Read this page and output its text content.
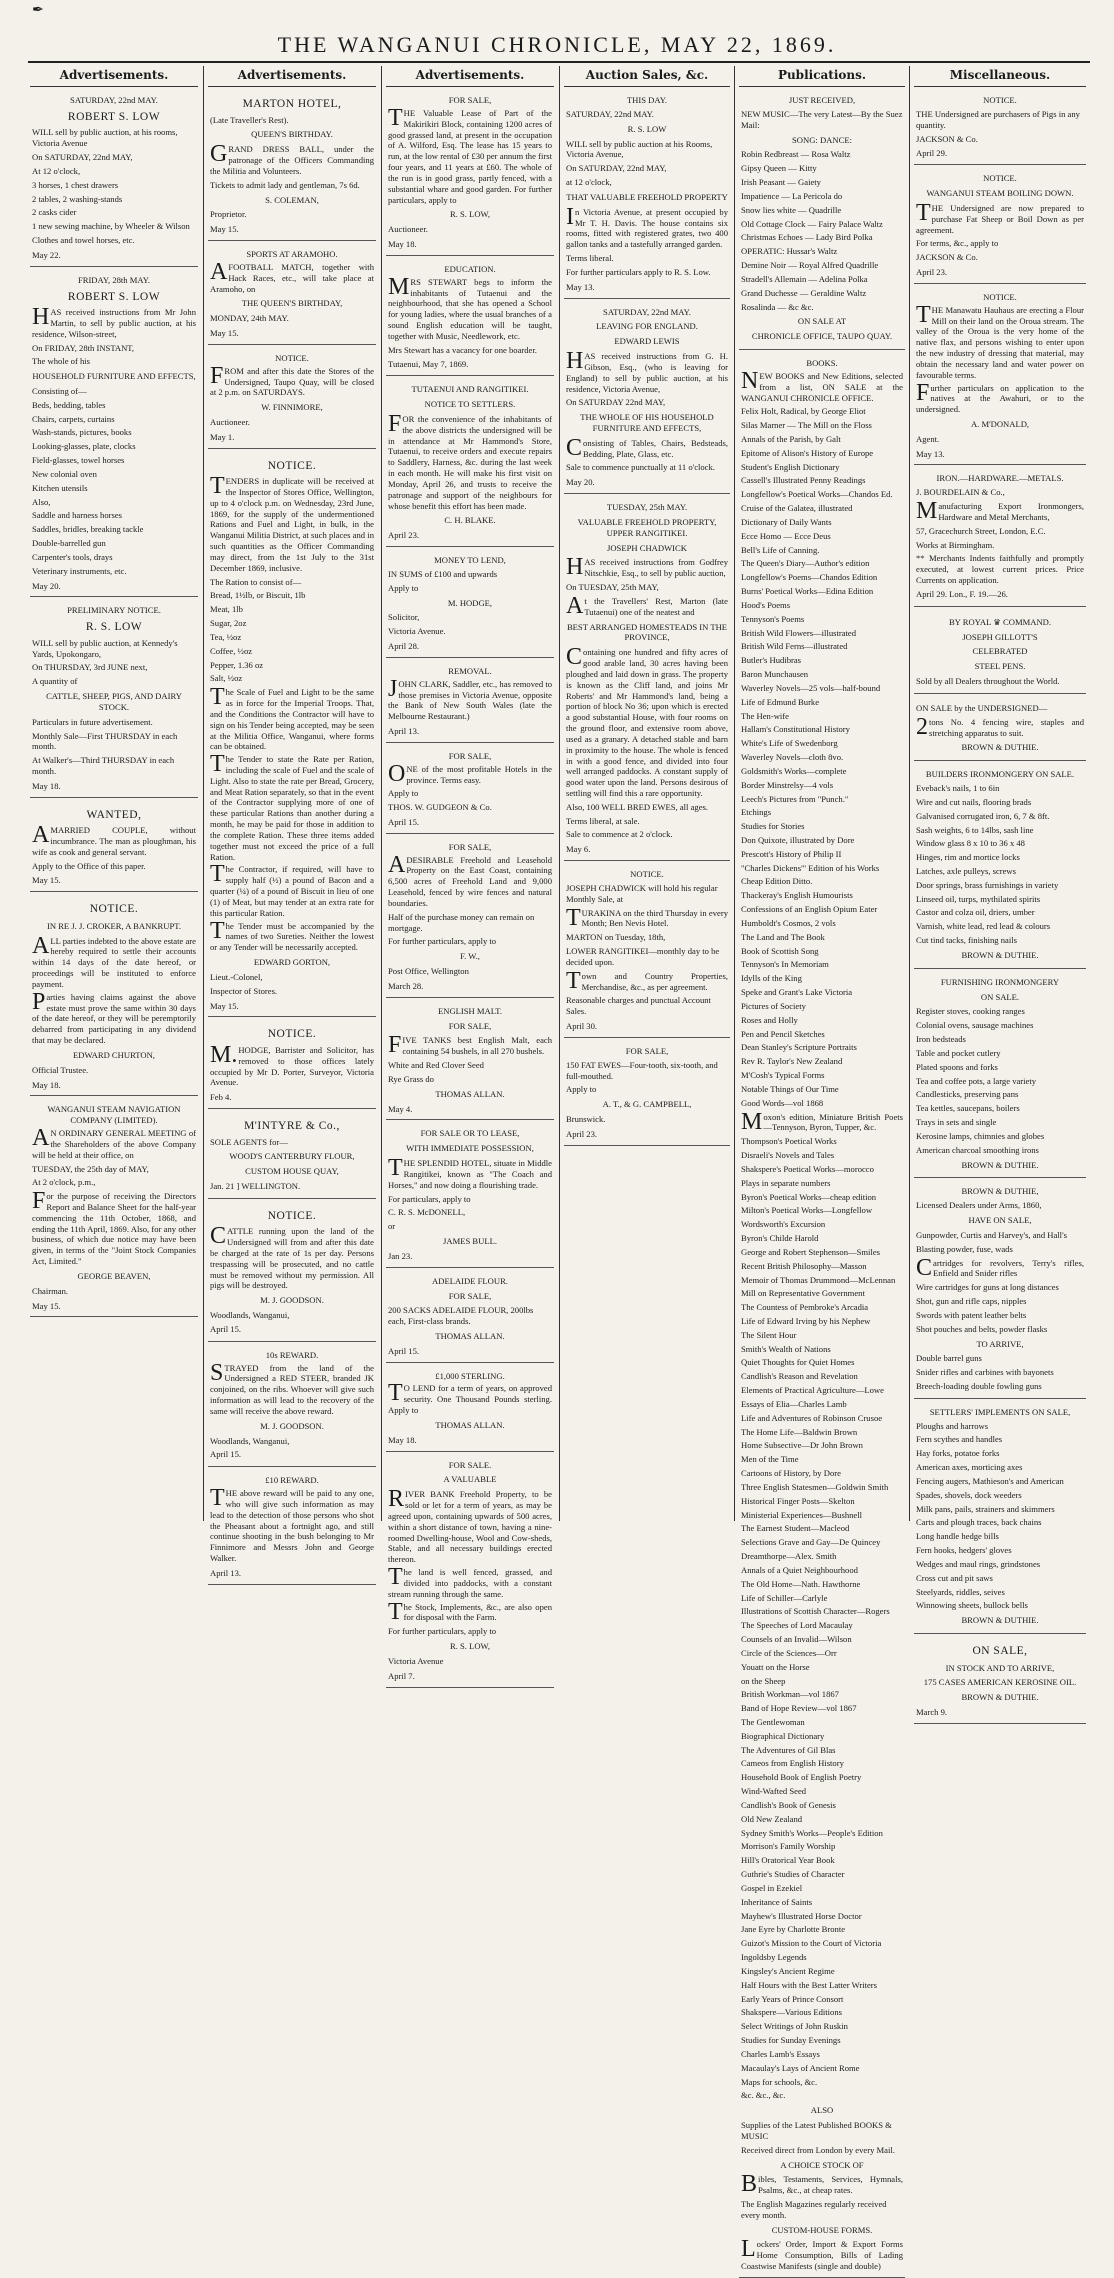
✒
THE WANGANUI CHRONICLE, MAY 22, 1869.
Advertisements.
SATURDAY, 22nd MAY.
ROBERT S. LOW
WILL sell by public auction, at his rooms, Victoria Avenue
On SATURDAY, 22nd MAY,
At 12 o'clock,
3 horses, 1 chest drawers
2 tables, 2 washing-stands
2 casks cider
1 new sewing machine, by Wheeler & Wilson
Clothes and towel horses, etc.
May 22.
FRIDAY, 28th MAY.
ROBERT S. LOW
HAS received instructions from Mr John Martin, to sell by public auction, at his residence, Wilson-street,
On FRIDAY, 28th INSTANT,
The whole of his
HOUSEHOLD FURNITURE AND EFFECTS,
Consisting of—
Beds, bedding, tables
Chairs, carpets, curtains
Wash-stands, pictures, books
Looking-glasses, plate, clocks
Field-glasses, towel horses
New colonial oven
Kitchen utensils
Also,
Saddle and harness horses
Saddles, bridles, breaking tackle
Double-barrelled gun
Carpenter's tools, drays
Veterinary instruments, etc.
May 20.
PRELIMINARY NOTICE.
R. S. LOW
WILL sell by public auction, at Kennedy's Yards, Upokongaro,
On THURSDAY, 3rd JUNE next,
A quantity of
CATTLE, SHEEP, PIGS, AND DAIRY STOCK.
Particulars in future advertisement.
Monthly Sale—First THURSDAY in each month.
At Walker's—Third THURSDAY in each month.
May 18.
WANTED,
AMARRIED COUPLE, without incumbrance. The man as ploughman, his wife as cook and general servant.
Apply to the Office of this paper.
May 15.
NOTICE.
IN RE J. J. CROKER, A BANKRUPT.
ALL parties indebted to the above estate are hereby required to settle their accounts within 14 days of the date hereof, or proceedings will be instituted to enforce payment.
Parties having claims against the above estate must prove the same within 30 days of the date hereof, or they will be peremptorily debarred from participating in any dividend that may be declared.
EDWARD CHURTON,
Official Trustee.
May 18.
WANGANUI STEAM NAVIGATION COMPANY (LIMITED).
AN ORDINARY GENERAL MEETING of the Shareholders of the above Company will be held at their office, on
TUESDAY, the 25th day of MAY,
At 2 o'clock, p.m.,
For the purpose of receiving the Directors Report and Balance Sheet for the half-year commencing the 11th October, 1868, and ending the 11th April, 1869. Also, for any other business, of which due notice may have been given, in terms of the "Joint Stock Companies Act, Limited."
GEORGE BEAVEN,
Chairman.
May 15.
Advertisements.
MARTON HOTEL,
(Late Traveller's Rest).
QUEEN'S BIRTHDAY.
GRAND DRESS BALL, under the patronage of the Officers Commanding the Militia and Volunteers.
Tickets to admit lady and gentleman, 7s 6d.
S. COLEMAN,
Proprietor.
May 15.
SPORTS AT ARAMOHO.
AFOOTBALL MATCH, together with Hack Races, etc., will take place at Aramoho, on
THE QUEEN'S BIRTHDAY,
MONDAY, 24th MAY.
May 15.
NOTICE.
FROM and after this date the Stores of the Undersigned, Taupo Quay, will be closed at 2 p.m. on SATURDAYS.
W. FINNIMORE,
Auctioneer.
May 1.
NOTICE.
TENDERS in duplicate will be received at the Inspector of Stores Office, Wellington, up to 4 o'clock p.m. on Wednesday, 23rd June, 1869, for the supply of the undermentioned Rations and Fuel and Light, in bulk, in the Wanganui Militia District, at such places and in such quantities as the Officer Commanding may direct, from the 1st July to the 31st December 1869, inclusive.
The Ration to consist of—
Bread, 1½lb, or Biscuit, 1lb
Meat, 1lb
Sugar, 2oz
Tea, ½oz
Coffee, ½oz
Pepper, 1.36 oz
Salt, ½oz
The Scale of Fuel and Light to be the same as in force for the Imperial Troops. That, and the Conditions the Contractor will have to sign on his Tender being accepted, may be seen at the Militia Office, Wanganui, where forms can be obtained.
The Tender to state the Rate per Ration, including the scale of Fuel and the scale of Light. Also to state the rate per Bread, Grocery, and Meat Ration separately, so that in the event of the Contractor supplying more of one of these particular Rations than another during a month, he may be paid for those in addition to the complete Ration. These three items added together must not exceed the price of a full Ration.
The Contractor, if required, will have to supply half (½) a pound of Bacon and a quarter (¼) of a pound of Biscuit in lieu of one (1) of Meat, but may tender at an extra rate for this particular Ration.
The Tender must be accompanied by the names of two Sureties. Neither the lowest or any Tender will be necessarily accepted.
EDWARD GORTON,
Lieut.-Colonel,
Inspector of Stores.
May 15.
NOTICE.
M.HODGE, Barrister and Solicitor, has removed to those offices lately occupied by Mr D. Porter, Surveyor, Victoria Avenue.
Feb 4.
M'INTYRE & Co.,
SOLE AGENTS for—
WOOD'S CANTERBURY FLOUR,
CUSTOM HOUSE QUAY,
Jan. 21 ] WELLINGTON.
NOTICE.
CATTLE running upon the land of the Undersigned will from and after this date be charged at the rate of 1s per day. Persons trespassing will be prosecuted, and no cattle must be removed without my permission. All pigs will be destroyed.
M. J. GOODSON.
Woodlands, Wanganui,
April 15.
10s REWARD.
STRAYED from the land of the Undersigned a RED STEER, branded JK conjoined, on the ribs. Whoever will give such information as will lead to the recovery of the same will receive the above reward.
M. J. GOODSON.
Woodlands, Wanganui,
April 15.
£10 REWARD.
THE above reward will be paid to any one, who will give such information as may lead to the detection of those persons who shot the Pheasant about a fortnight ago, and still continue shooting in the bush belonging to Mr Finnimore and Messrs John and George Walker.
April 13.
Advertisements.
FOR SALE,
THE Valuable Lease of Part of the Makirikiri Block, containing 1200 acres of good grassed land, at present in the occupation of A. Wilford, Esq. The lease has 15 years to run, at the low rental of £30 per annum the first four years, and 11 years at £60. The whole of the run is in good grass, partly fenced, with a substantial whare and good garden. For further particulars, apply to
R. S. LOW,
Auctioneer.
May 18.
EDUCATION.
MRS STEWART begs to inform the inhabitants of Tutaenui and the neighbourhood, that she has opened a School for young ladies, where the usual branches of a sound English education will be taught, together with Music, Needlework, etc.
Mrs Stewart has a vacancy for one boarder.
Tutaenui, May 7, 1869.
TUTAENUI AND RANGITIKEI.
NOTICE TO SETTLERS.
FOR the convenience of the inhabitants of the above districts the undersigned will be in attendance at Mr Hammond's Store, Tutaenui, to receive orders and execute repairs to Saddlery, Harness, &c. during the last week in each month. He will make his first visit on Monday, April 26, and trusts to receive the patronage and support of the neighbours for whose benefit this effort has been made.
C. H. BLAKE.
April 23.
MONEY TO LEND,
IN SUMS of £100 and upwards
Apply to
M. HODGE,
Solicitor,
Victoria Avenue.
April 28.
REMOVAL.
JOHN CLARK, Saddler, etc., has removed to those premises in Victoria Avenue, opposite the Bank of New South Wales (late the Melbourne Restaurant.)
April 13.
FOR SALE,
ONE of the most profitable Hotels in the province. Terms easy.
Apply to
THOS. W. GUDGEON & Co.
April 15.
FOR SALE,
ADESIRABLE Freehold and Leasehold Property on the East Coast, containing 6,500 acres of Freehold Land and 9,000 Leasehold, fenced by wire fences and natural boundaries.
Half of the purchase money can remain on mortgage.
For further particulars, apply to
F. W.,
Post Office, Wellington
March 28.
ENGLISH MALT.
FOR SALE,
FIVE TANKS best English Malt, each containing 54 bushels, in all 270 bushels.
White and Red Clover Seed
Rye Grass do
THOMAS ALLAN.
May 4.
FOR SALE OR TO LEASE,
WITH IMMEDIATE POSSESSION,
THE SPLENDID HOTEL, situate in Middle Rangitikei, known as "The Coach and Horses," and now doing a flourishing trade.
For particulars, apply to
C. R. S. McDONELL,
or
JAMES BULL.
Jan 23.
ADELAIDE FLOUR.
FOR SALE,
200 SACKS ADELAIDE FLOUR, 200lbs each, First-class brands.
THOMAS ALLAN.
April 15.
£1,000 STERLING.
TO LEND for a term of years, on approved security. One Thousand Pounds sterling. Apply to
THOMAS ALLAN.
May 18.
FOR SALE.
A VALUABLE
RIVER BANK Freehold Property, to be sold or let for a term of years, as may be agreed upon, containing upwards of 500 acres, within a short distance of town, having a nine-roomed Dwelling-house, Wool and Cow-sheds, Stable, and all necessary buildings erected thereon.
The land is well fenced, grassed, and divided into paddocks, with a constant stream running through the same.
The Stock, Implements, &c., are also open for disposal with the Farm.
For further particulars, apply to
R. S. LOW,
Victoria Avenue
April 7.
Auction Sales, &c.
THIS DAY.
SATURDAY, 22nd MAY.
R. S. LOW
WILL sell by public auction at his Rooms, Victoria Avenue,
On SATURDAY, 22nd MAY,
at 12 o'clock,
THAT VALUABLE FREEHOLD PROPERTY
In Victoria Avenue, at present occupied by Mr T. H. Davis. The house contains six rooms, fitted with registered grates, two 400 gallon tanks and a tastefully arranged garden.
Terms liberal.
For further particulars apply to R. S. Low.
May 13.
SATURDAY, 22nd MAY.
LEAVING FOR ENGLAND.
EDWARD LEWIS
HAS received instructions from G. H. Gibson, Esq., (who is leaving for England) to sell by public auction, at his residence, Victoria Avenue,
On SATURDAY 22nd MAY,
THE WHOLE OF HIS HOUSEHOLD FURNITURE AND EFFECTS,
Consisting of Tables, Chairs, Bedsteads, Bedding, Plate, Glass, etc.
Sale to commence punctually at 11 o'clock.
May 20.
TUESDAY, 25th MAY.
VALUABLE FREEHOLD PROPERTY, UPPER RANGITIKEI.
JOSEPH CHADWICK
HAS received instructions from Godfrey Nitschkie, Esq., to sell by public auction,
On TUESDAY, 25th MAY,
At the Travellers' Rest, Marton (late Tutaenui) one of the neatest and
BEST ARRANGED HOMESTEADS IN THE PROVINCE,
Containing one hundred and fifty acres of good arable land, 30 acres having been ploughed and laid down in grass. The property is known as the Cliff land, and joins Mr Roberts' and Mr Hammond's land, being a portion of block No 36; upon which is erected a good substantial House, with four rooms on the ground floor, and extensive room above, used as a granary. A detached stable and barn in proximity to the house. The whole is fenced in with a good fence, and divided into four well arranged paddocks. A constant supply of good water upon the land. Persons desirous of settling will find this a rare opportunity.
Also, 100 WELL BRED EWES, all ages.
Terms liberal, at sale.
Sale to commence at 2 o'clock.
May 6.
NOTICE.
JOSEPH CHADWICK will hold his regular Monthly Sale, at
TURAKINA on the third Thursday in every Month; Ben Nevis Hotel.
MARTON on Tuesday, 18th,
LOWER RANGITIKEI—monthly day to be decided upon.
Town and Country Properties, Merchandise, &c., as per agreement.
Reasonable charges and punctual Account Sales.
April 30.
FOR SALE,
150 FAT EWES—Four-tooth, six-tooth, and full-mouthed.
Apply to
A. T., & G. CAMPBELL,
Brunswick.
April 23.
Publications.
JUST RECEIVED,
NEW MUSIC—The very Latest—By the Suez Mail:
SONG: DANCE:
Robin Redbreast — Rosa Waltz
Gipsy Queen — Kitty
Irish Peasant — Gaiety
Impatience — La Pericola do
Snow lies white — Quadrille
Old Cottage Clock — Fairy Palace Waltz
Christmas Echoes — Lady Bird Polka
OPERATIC: Hussar's Waltz
Demine Noir — Royal Alfred Quadrille
Stradell's Allemain — Adelina Polka
Grand Duchesse — Geraldine Waltz
Rosalinda — &c &c.
ON SALE AT
CHRONICLE OFFICE, TAUPO QUAY.
BOOKS.
NEW BOOKS and New Editions, selected from a list, ON SALE at the WANGANUI CHRONICLE OFFICE.
Felix Holt, Radical, by George Eliot
Silas Marner — The Mill on the Floss
Annals of the Parish, by Galt
Epitome of Alison's History of Europe
Student's English Dictionary
Cassell's Illustrated Penny Readings
Longfellow's Poetical Works—Chandos Ed.
Cruise of the Galatea, illustrated
Dictionary of Daily Wants
Ecce Homo — Ecce Deus
Bell's Life of Canning.
The Queen's Diary—Author's edition
Longfellow's Poems—Chandos Edition
Burns' Poetical Works—Edina Edition
Hood's Poems
Tennyson's Poems
British Wild Flowers—illustrated
British Wild Ferns—illustrated
Butler's Hudibras
Baron Munchausen
Waverley Novels—25 vols—half-bound
Life of Edmund Burke
The Hen-wife
Hallam's Constitutional History
White's Life of Swedenborg
Waverley Novels—cloth 8vo.
Goldsmith's Works—complete
Border Minstrelsy—4 vols
Leech's Pictures from "Punch."
Etchings
Studies for Stories
Don Quixote, illustrated by Dore
Prescott's History of Philip II
"Charles Dickens'" Edition of his Works
Cheap Edition Ditto.
Thackeray's English Humourists
Confessions of an English Opium Eater
Humboldt's Cosmos, 2 vols
The Land and The Book
Book of Scottish Song
Tennyson's In Memoriam
Idylls of the King
Speke and Grant's Lake Victoria
Pictures of Society
Roses and Holly
Pen and Pencil Sketches
Dean Stanley's Scripture Portraits
Rev R. Taylor's New Zealand
M'Cosh's Typical Forms
Notable Things of Our Time
Good Words—vol 1868
Moxon's edition, Miniature British Poets—Tennyson, Byron, Tupper, &c.
Thompson's Poetical Works
Disraeli's Novels and Tales
Shakspere's Poetical Works—morocco
Plays in separate numbers
Byron's Poetical Works—cheap edition
Milton's Poetical Works—Longfellow
Wordsworth's Excursion
Byron's Childe Harold
George and Robert Stephenson—Smiles
Recent British Philosophy—Masson
Memoir of Thomas Drummond—McLennan
Mill on Representative Government
The Countess of Pembroke's Arcadia
Life of Edward Irving by his Nephew
The Silent Hour
Smith's Wealth of Nations
Quiet Thoughts for Quiet Homes
Candlish's Reason and Revelation
Elements of Practical Agriculture—Lowe
Essays of Elia—Charles Lamb
Life and Adventures of Robinson Crusoe
The Home Life—Baldwin Brown
Home Subsective—Dr John Brown
Men of the Time
Cartoons of History, by Dore
Three English Statesmen—Goldwin Smith
Historical Finger Posts—Skelton
Ministerial Experiences—Bushnell
The Earnest Student—Macleod
Selections Grave and Gay—De Quincey
Dreamthorpe—Alex. Smith
Annals of a Quiet Neighbourhood
The Old Home—Nath. Hawthorne
Life of Schiller—Carlyle
Illustrations of Scottish Character—Rogers
The Speeches of Lord Macaulay
Counsels of an Invalid—Wilson
Circle of the Sciences—Orr
Youatt on the Horse
on the Sheep
British Workman—vol 1867
Band of Hope Review—vol 1867
The Gentlewoman
Biographical Dictionary
The Adventures of Gil Blas
Cameos from English History
Household Book of English Poetry
Wind-Wafted Seed
Candlish's Book of Genesis
Old New Zealand
Sydney Smith's Works—People's Edition
Morrison's Family Worship
Hill's Oratorical Year Book
Guthrie's Studies of Character
Gospel in Ezekiel
Inheritance of Saints
Mayhew's Illustrated Horse Doctor
Jane Eyre by Charlotte Bronte
Guizot's Mission to the Court of Victoria
Ingoldsby Legends
Kingsley's Ancient Regime
Half Hours with the Best Latter Writers
Early Years of Prince Consort
Shakspere—Various Editions
Select Writings of John Ruskin
Studies for Sunday Evenings
Charles Lamb's Essays
Macaulay's Lays of Ancient Rome
Maps for schools, &c.
&c. &c., &c.
ALSO
Supplies of the Latest Published BOOKS & MUSIC
Received direct from London by every Mail.
A CHOICE STOCK OF
Bibles, Testaments, Services, Hymnals, Psalms, &c., at cheap rates.
The English Magazines regularly received every month.
CUSTOM-HOUSE FORMS.
Lockers' Order, Import & Export Forms Home Consumption, Bills of Lading Coastwise Manifests (single and double)
Miscellaneous.
NOTICE.
THE Undersigned are purchasers of Pigs in any quantity.
JACKSON & Co.
April 29.
NOTICE.
WANGANUI STEAM BOILING DOWN.
THE Undersigned are now prepared to purchase Fat Sheep or Boil Down as per agreement.
For terms, &c., apply to
JACKSON & Co.
April 23.
NOTICE.
THE Manawatu Hauhaus are erecting a Flour Mill on their land on the Oroua stream. The valley of the Oroua is the very home of the native flax, and persons wishing to enter upon the new industry of dressing that material, may obtain the necessary land and water power on favourable terms.
Further particulars on application to the natives at the Awahuri, or to the undersigned.
A. M'DONALD,
Agent.
May 13.
IRON.—HARDWARE.—METALS.
J. BOURDELAIN & Co.,
Manufacturing Export Ironmongers, Hardware and Metal Merchants,
57, Gracechurch Street, London, E.C.
Works at Birmingham.
** Merchants Indents faithfully and promptly executed, at lowest current prices. Price Currents on application.
April 29. Lon., F. 19.—26.
BY ROYAL ♛ COMMAND.
JOSEPH GILLOTT'S
CELEBRATED
STEEL PENS.
Sold by all Dealers throughout the World.
ON SALE by the UNDERSIGNED—
2tons No. 4 fencing wire, staples and stretching apparatus to suit.
BROWN & DUTHIE.
BUILDERS IRONMONGERY ON SALE.
Eveback's nails, 1 to 6in
Wire and cut nails, flooring brads
Galvanised corrugated iron, 6, 7 & 8ft.
Sash weights, 6 to 14lbs, sash line
Window glass 8 x 10 to 36 x 48
Hinges, rim and mortice locks
Latches, axle pulleys, screws
Door springs, brass furnishings in variety
Linseed oil, turps, mythilated spirits
Castor and colza oil, driers, umber
Varnish, white lead, red lead & colours
Cut tind tacks, finishing nails
BROWN & DUTHIE.
FURNISHING IRONMONGERY
ON SALE.
Register stoves, cooking ranges
Colonial ovens, sausage machines
Iron bedsteads
Table and pocket cutlery
Plated spoons and forks
Tea and coffee pots, a large variety
Candlesticks, preserving pans
Tea kettles, saucepans, boilers
Trays in sets and single
Kerosine lamps, chimnies and globes
American charcoal smoothing irons
BROWN & DUTHIE.
BROWN & DUTHIE,
Licensed Dealers under Arms, 1860,
HAVE ON SALE,
Gunpowder, Curtis and Harvey's, and Hall's
Blasting powder, fuse, wads
Cartridges for revolvers, Terry's rifles, Enfield and Snider rifles
Wire cartridges for guns at long distances
Shot, gun and rifle caps, nipples
Swords with patent leather belts
Shot pouches and belts, powder flasks
TO ARRIVE,
Double barrel guns
Snider rifles and carbines with bayonets
Breech-loading double fowling guns
SETTLERS' IMPLEMENTS ON SALE,
Ploughs and harrows
Fern scythes and handles
Hay forks, potatoe forks
American axes, morticing axes
Fencing augers, Mathieson's and American
Spades, shovels, dock weeders
Milk pans, pails, strainers and skimmers
Carts and plough traces, back chains
Long handle hedge bills
Fern hooks, hedgers' gloves
Wedges and maul rings, grindstones
Cross cut and pit saws
Steelyards, riddles, seives
Winnowing sheets, bullock bells
BROWN & DUTHIE.
ON SALE,
IN STOCK AND TO ARRIVE,
175 CASES AMERICAN KEROSINE OIL.
BROWN & DUTHIE.
March 9.
